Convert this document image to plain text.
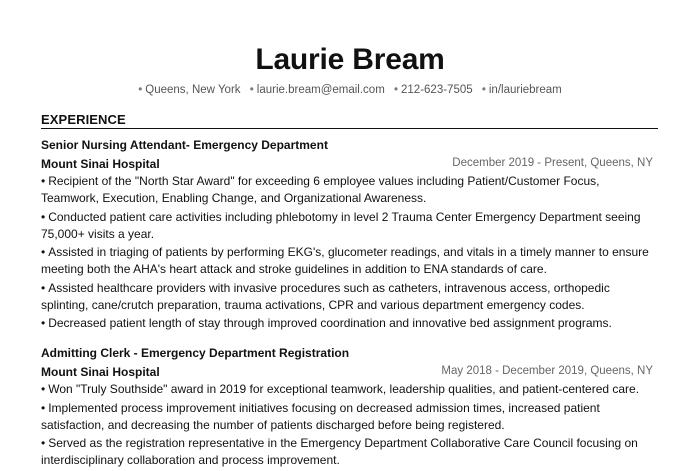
Laurie Bream
• Queens, New York • laurie.bream@email.com • 212-623-7505 • in/lauriebream
EXPERIENCE
Senior Nursing Attendant- Emergency Department
Mount Sinai Hospital	December 2019 - Present, Queens, NY
• Recipient of the "North Star Award" for exceeding 6 employee values including Patient/Customer Focus, Teamwork, Execution, Enabling Change, and Organizational Awareness.
• Conducted patient care activities including phlebotomy in level 2 Trauma Center Emergency Department seeing 75,000+ visits a year.
• Assisted in triaging of patients by performing EKG's, glucometer readings, and vitals in a timely manner to ensure meeting both the AHA's heart attack and stroke guidelines in addition to ENA standards of care.
• Assisted healthcare providers with invasive procedures such as catheters, intravenous access, orthopedic splinting, cane/crutch preparation, trauma activations, CPR and various department emergency codes.
• Decreased patient length of stay through improved coordination and innovative bed assignment programs.
Admitting Clerk - Emergency Department Registration
Mount Sinai Hospital	May 2018 - December 2019, Queens, NY
• Won "Truly Southside" award in 2019 for exceptional teamwork, leadership qualities, and patient-centered care.
• Implemented process improvement initiatives focusing on decreased admission times, increased patient satisfaction, and decreasing the number of patients discharged before being registered.
• Served as the registration representative in the Emergency Department Collaborative Care Council focusing on interdisciplinary collaboration and process improvement.
